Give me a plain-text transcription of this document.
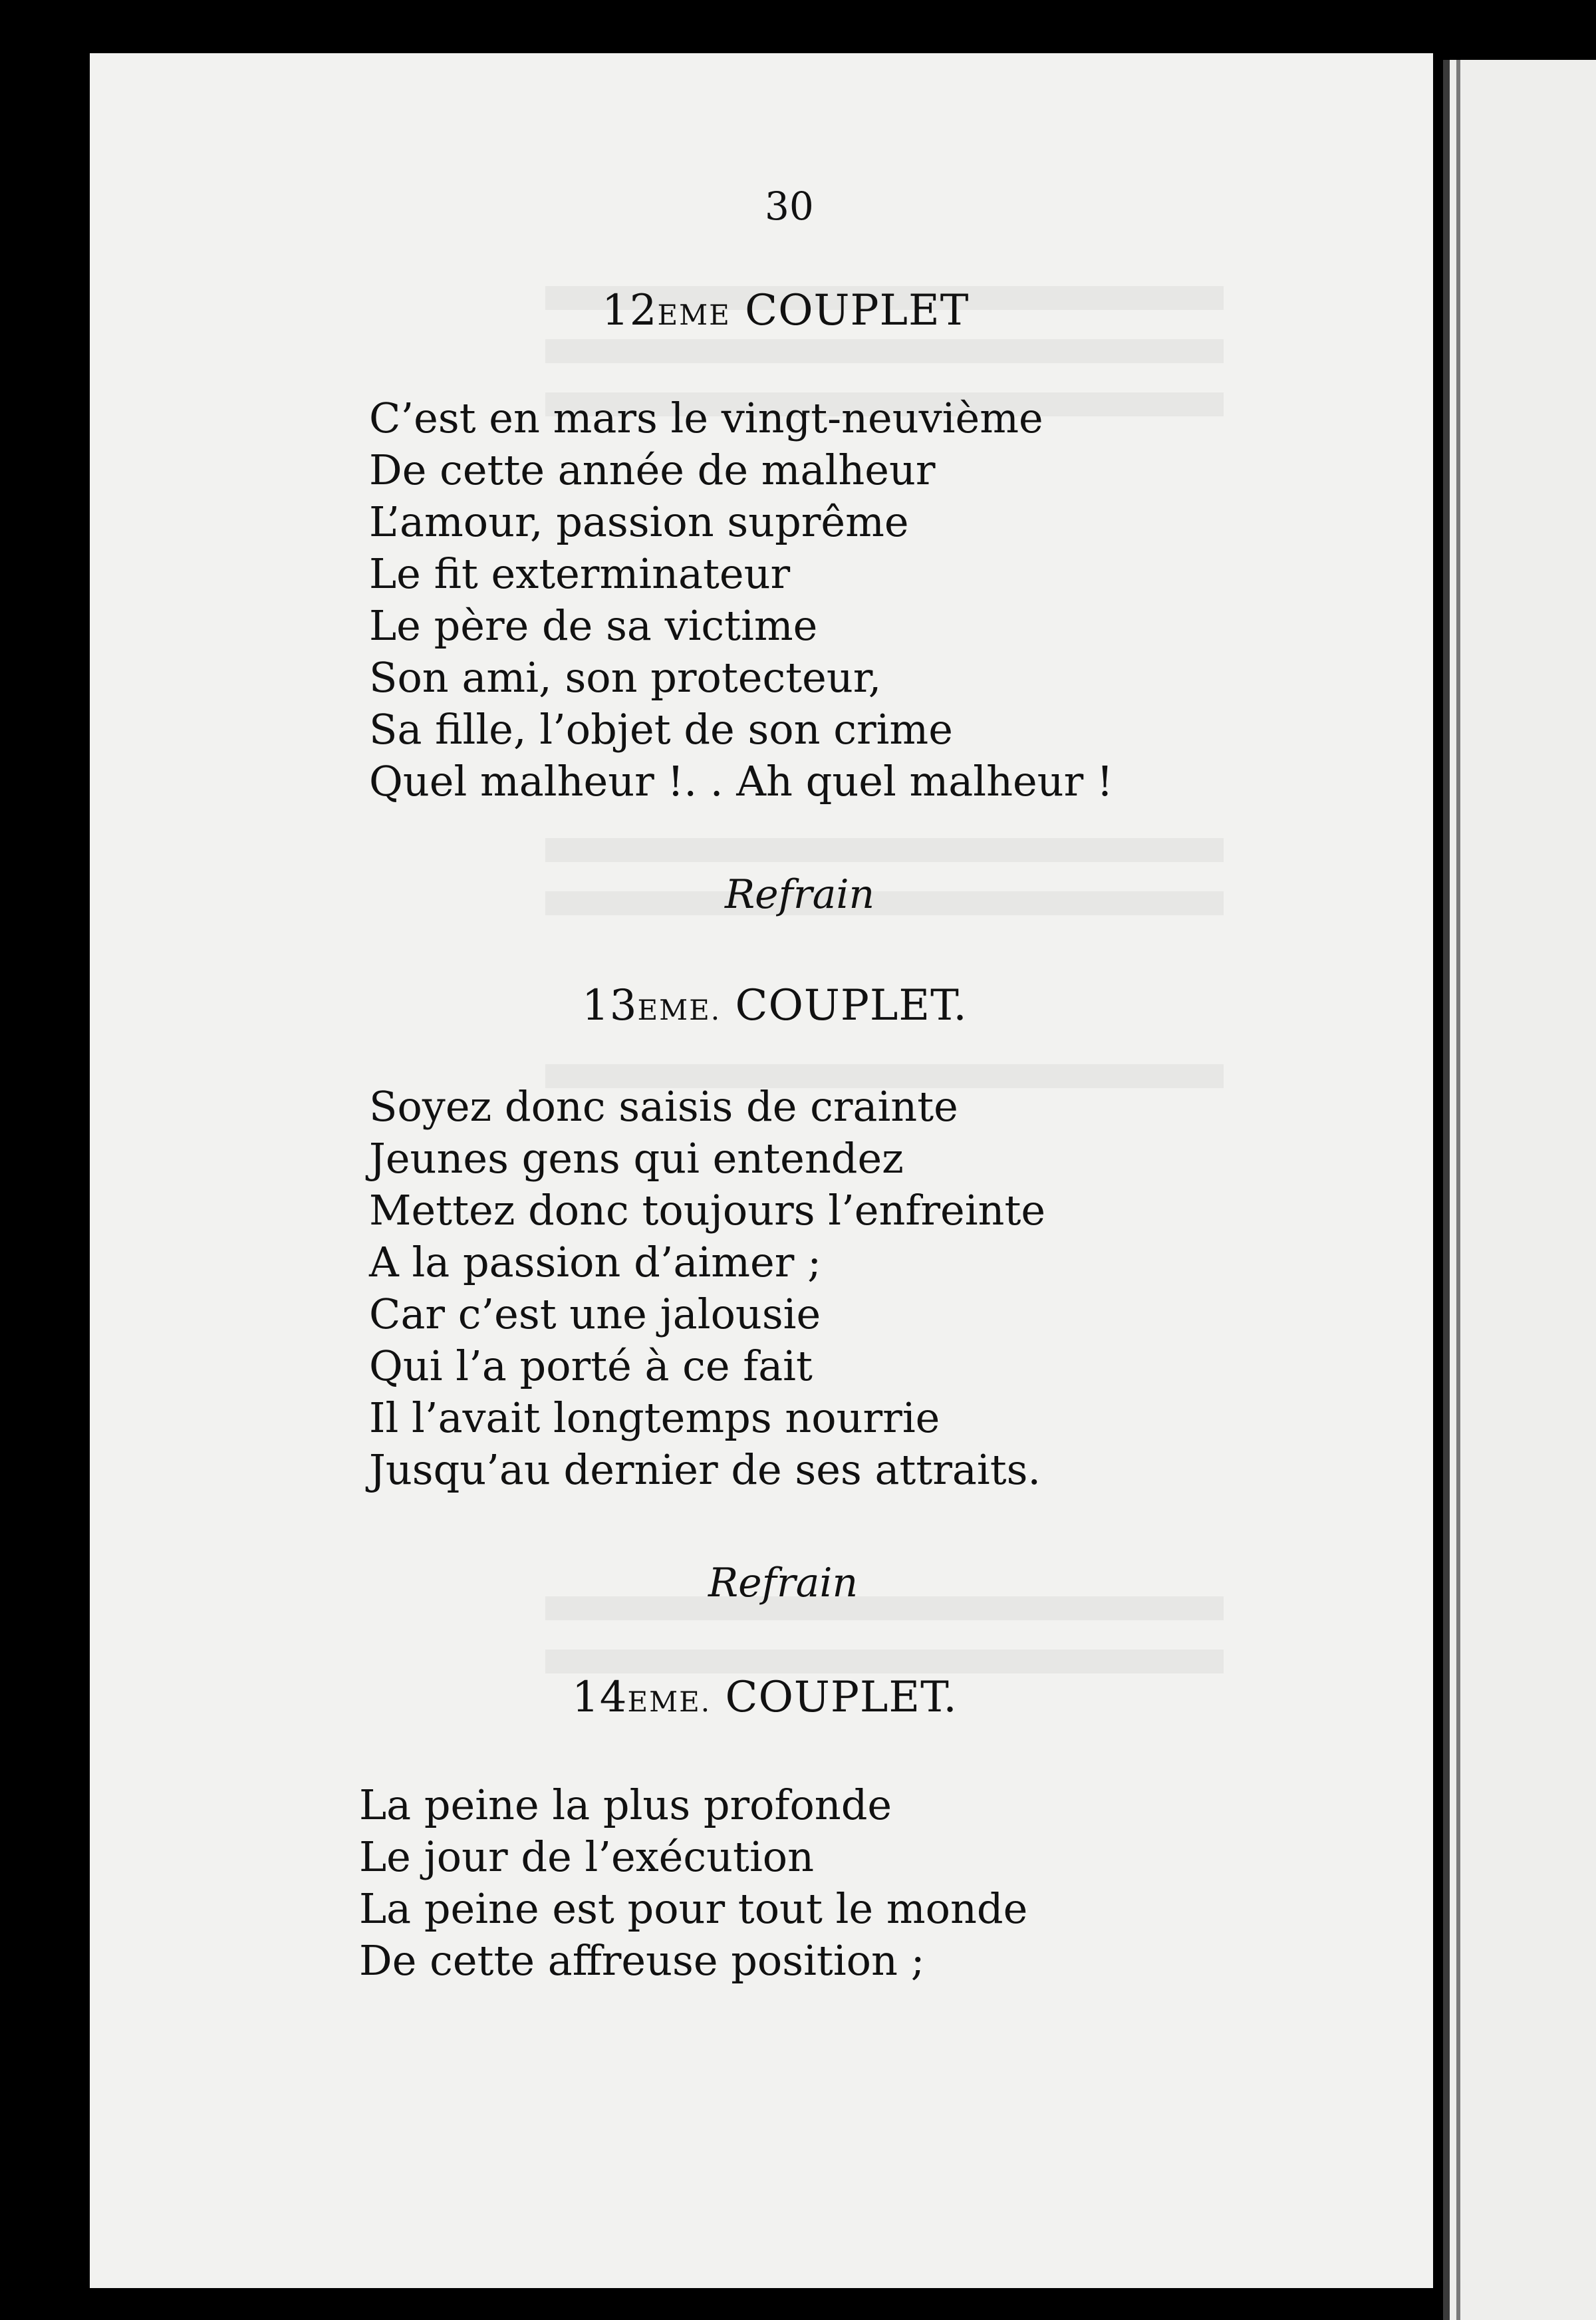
30
12EME COUPLET
C’est en mars le vingt-neuvième
De cette année de malheur
L’amour, passion suprême
Le fit exterminateur
Le père de sa victime
Son ami, son protecteur,
Sa fille, l’objet de son crime
Quel malheur !. . Ah quel malheur !
Refrain
13EME. COUPLET.
Soyez donc saisis de crainte
Jeunes gens qui entendez
Mettez donc toujours l’enfreinte
A la passion d’aimer ;
Car c’est une jalousie
Qui l’a porté à ce fait
Il l’avait longtemps nourrie
Jusqu’au dernier de ses attraits.
Refrain
14EME. COUPLET.
La peine la plus profonde
Le jour de l’exécution
La peine est pour tout le monde
De cette affreuse position ;
